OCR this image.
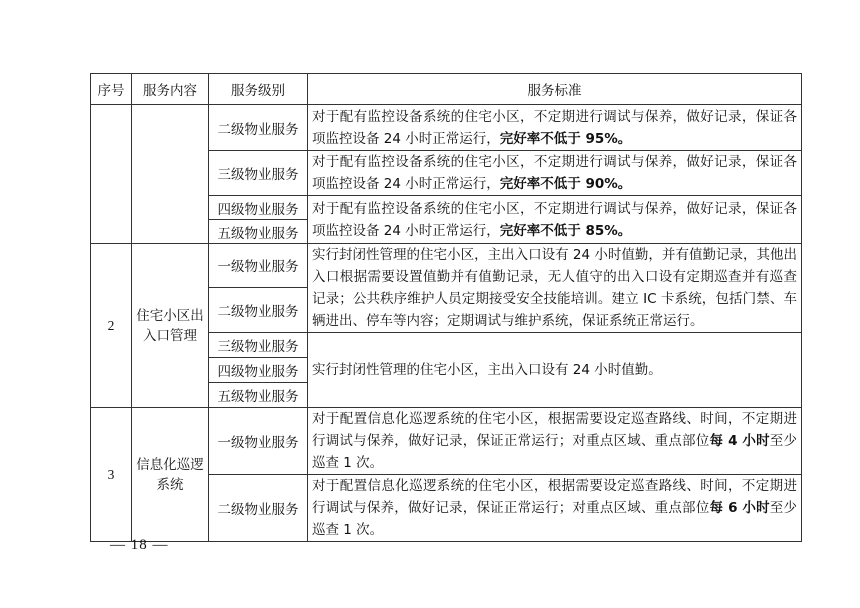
序号	服务内容	服务级别	服务标准
		二级物业服务	对于配有监控设备系统的住宅小区，不定期进行调试与保养，做好记录，保证各项监控设备 24 小时正常运行，完好率不低于 95%。
		三级物业服务	对于配有监控设备系统的住宅小区，不定期进行调试与保养，做好记录，保证各项监控设备 24 小时正常运行，完好率不低于 90%。
		四级物业服务	对于配有监控设备系统的住宅小区，不定期进行调试与保养，做好记录，保证各项监控设备 24 小时正常运行，完好率不低于 85%。
		五级物业服务	
2	住宅小区出入口管理	一级物业服务	实行封闭性管理的住宅小区，主出入口设有 24 小时值勤，并有值勤记录，其他出入口根据需要设置值勤并有值勤记录，无人值守的出入口设有定期巡查并有巡查记录；公共秩序维护人员定期接受安全技能培训。建立 IC 卡系统，包括门禁、车辆进出、停车等内容；定期调试与维护系统，保证系统正常运行。
		二级物业服务	
		三级物业服务	实行封闭性管理的住宅小区，主出入口设有 24 小时值勤。
		四级物业服务	
		五级物业服务	
3	信息化巡逻系统	一级物业服务	对于配置信息化巡逻系统的住宅小区，根据需要设定巡查路线、时间，不定期进行调试与保养，做好记录，保证正常运行；对重点区域、重点部位每 4 小时至少巡查 1 次。
		二级物业服务	对于配置信息化巡逻系统的住宅小区，根据需要设定巡查路线、时间，不定期进行调试与保养，做好记录，保证正常运行；对重点区域、重点部位每 6 小时至少巡查 1 次。
— 18 —
